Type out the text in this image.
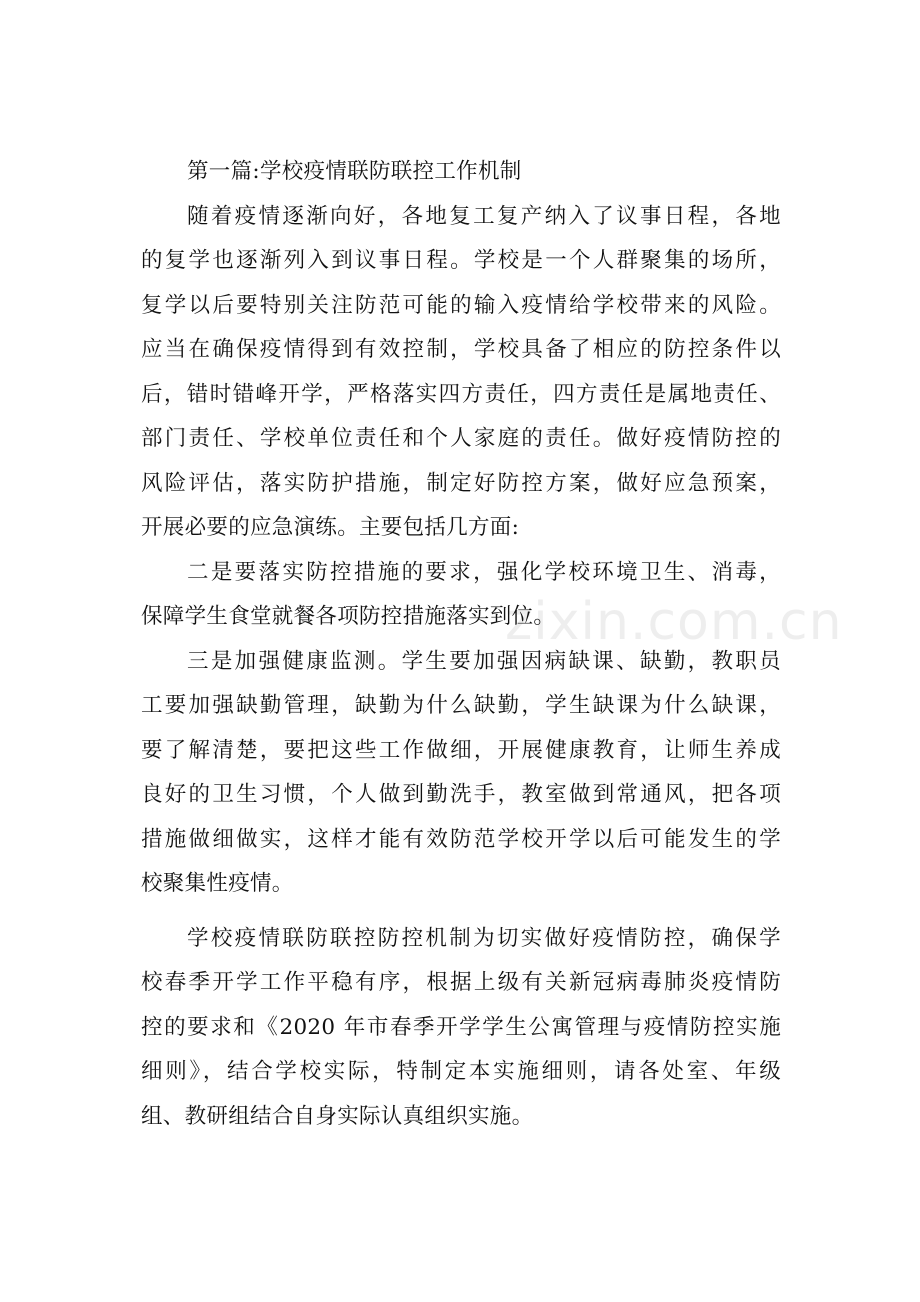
zixin.com.cn
第一篇:学校疫情联防联控工作机制
随着疫情逐渐向好，各地复工复产纳入了议事日程，各地
的复学也逐渐列入到议事日程。学校是一个人群聚集的场所，
复学以后要特别关注防范可能的输入疫情给学校带来的风险。
应当在确保疫情得到有效控制，学校具备了相应的防控条件以
后，错时错峰开学，严格落实四方责任，四方责任是属地责任、
部门责任、学校单位责任和个人家庭的责任。做好疫情防控的
风险评估，落实防护措施，制定好防控方案，做好应急预案，
开展必要的应急演练。主要包括几方面:
二是要落实防控措施的要求，强化学校环境卫生、消毒，
保障学生食堂就餐各项防控措施落实到位。
三是加强健康监测。学生要加强因病缺课、缺勤，教职员
工要加强缺勤管理，缺勤为什么缺勤，学生缺课为什么缺课，
要了解清楚，要把这些工作做细，开展健康教育，让师生养成
良好的卫生习惯，个人做到勤洗手，教室做到常通风，把各项
措施做细做实，这样才能有效防范学校开学以后可能发生的学
校聚集性疫情。
学校疫情联防联控防控机制为切实做好疫情防控，确保学
校春季开学工作平稳有序，根据上级有关新冠病毒肺炎疫情防
控的要求和《2020 年市春季开学学生公寓管理与疫情防控实施
细则》，结合学校实际，特制定本实施细则，请各处室、年级
组、教研组结合自身实际认真组织实施。
